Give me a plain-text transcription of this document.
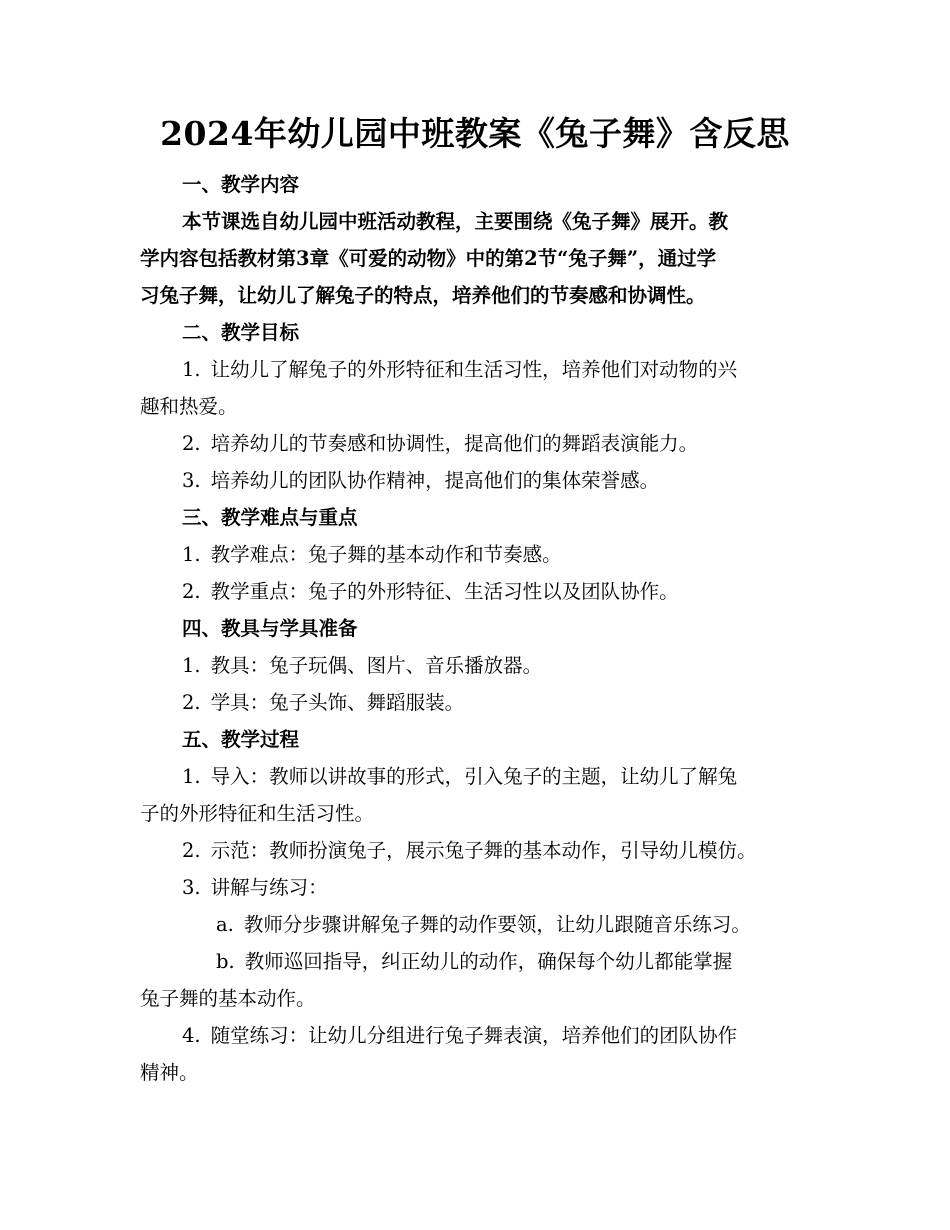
2024年幼儿园中班教案《兔子舞》含反思
一、教学内容
本节课选自幼儿园中班活动教程，主要围绕《兔子舞》展开。教
学内容包括教材第3章《可爱的动物》中的第2节“兔子舞”，通过学
习兔子舞，让幼儿了解兔子的特点，培养他们的节奏感和协调性。
二、教学目标
1. 让幼儿了解兔子的外形特征和生活习性，培养他们对动物的兴
趣和热爱。
2. 培养幼儿的节奏感和协调性，提高他们的舞蹈表演能力。
3. 培养幼儿的团队协作精神，提高他们的集体荣誉感。
三、教学难点与重点
1. 教学难点：兔子舞的基本动作和节奏感。
2. 教学重点：兔子的外形特征、生活习性以及团队协作。
四、教具与学具准备
1. 教具：兔子玩偶、图片、音乐播放器。
2. 学具：兔子头饰、舞蹈服装。
五、教学过程
1. 导入：教师以讲故事的形式，引入兔子的主题，让幼儿了解兔
子的外形特征和生活习性。
2. 示范：教师扮演兔子，展示兔子舞的基本动作，引导幼儿模仿。
3. 讲解与练习：
a. 教师分步骤讲解兔子舞的动作要领，让幼儿跟随音乐练习。
b. 教师巡回指导，纠正幼儿的动作，确保每个幼儿都能掌握
兔子舞的基本动作。
4. 随堂练习：让幼儿分组进行兔子舞表演，培养他们的团队协作
精神。
